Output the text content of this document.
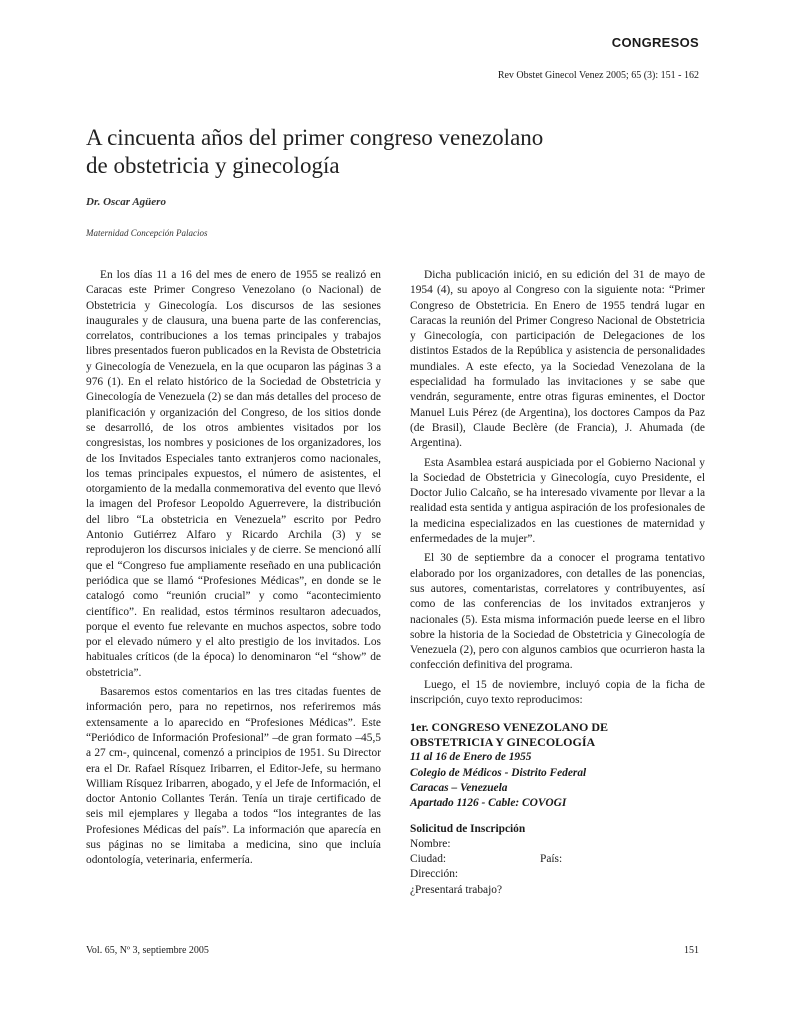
CONGRESOS
Rev Obstet Ginecol Venez 2005; 65 (3): 151 - 162
A cincuenta años del primer congreso venezolano
de obstetricia y ginecología
Dr. Oscar Agüero
Maternidad Concepción Palacios

En los días 11 a 16 del mes de enero de 1955 se realizó en Caracas este Primer Congreso Venezolano (o Nacional) de Obstetricia y Ginecología. Los discursos de las sesiones inaugurales y de clausura, una buena parte de las conferencias, correlatos, contribuciones a los temas principales y trabajos libres presentados fueron publicados en la Revista de Obstetricia y Ginecología de Venezuela, en la que ocuparon las páginas 3 a 976 (1). En el relato histórico de la Sociedad de Obstetricia y Ginecología de Venezuela (2) se dan más detalles del proceso de planificación y organización del Congreso, de los sitios donde se desarrolló, de los otros ambientes visitados por los congresistas, los nombres y posiciones de los organizadores, los de los Invitados Especiales tanto extranjeros como nacionales, los temas principales expuestos, el número de asistentes, el otorgamiento de la medalla conmemorativa del evento que llevó la imagen del Profesor Leopoldo Aguerrevere, la distribución del libro “La obstetricia en Venezuela” escrito por Pedro Antonio Gutiérrez Alfaro y Ricardo Archila (3) y se reprodujeron los discursos iniciales y de cierre. Se mencionó allí que el “Congreso fue ampliamente reseñado en una publicación periódica que se llamó “Profesiones Médicas”, en donde se le catalogó como “reunión crucial” y como “acontecimiento científico”. En realidad, estos términos resultaron adecuados, porque el evento fue relevante en muchos aspectos, sobre todo por el elevado número y el alto prestigio de los invitados. Los habituales críticos (de la época) lo denominaron “el “show” de obstetricia”.

Basaremos estos comentarios en las tres citadas fuentes de información pero, para no repetirnos, nos referiremos más extensamente a lo aparecido en “Profesiones Médicas”. Este “Periódico de Información Profesional” –de gran formato –45,5 a 27 cm-, quincenal, comenzó a principios de 1951. Su Director era el Dr. Rafael Rísquez Iribarren, el Editor-Jefe, su hermano William Rísquez Iribarren, abogado, y el Jefe de Información, el doctor Antonio Collantes Terán. Tenía un tiraje certificado de seis mil ejemplares y llegaba a todos “los integrantes de las Profesiones Médicas del país”. La información que aparecía en sus páginas no se limitaba a medicina, sino que incluía odontología, veterinaria, enfermería.

Dicha publicación inició, en su edición del 31 de mayo de 1954 (4), su apoyo al Congreso con la siguiente nota: “Primer Congreso de Obstetricia. En Enero de 1955 tendrá lugar en Caracas la reunión del Primer Congreso Nacional de Obstetricia y Ginecología, con participación de Delegaciones de los distintos Estados de la República y asistencia de personalidades mundiales. A este efecto, ya la Sociedad Venezolana de la especialidad ha formulado las invitaciones y se sabe que vendrán, seguramente, entre otras figuras eminentes, el Doctor Manuel Luis Pérez (de Argentina), los doctores Campos da Paz (de Brasil), Claude Beclère (de Francia), J. Ahumada (de Argentina).

Esta Asamblea estará auspiciada por el Gobierno Nacional y la Sociedad de Obstetricia y Ginecología, cuyo Presidente, el Doctor Julio Calcaño, se ha interesado vivamente por llevar a la realidad esta sentida y antigua aspiración de los profesionales de la medicina especializados en las cuestiones de maternidad y enfermedades de la mujer”.

El 30 de septiembre da a conocer el programa tentativo elaborado por los organizadores, con detalles de las ponencias, sus autores, comentaristas, correlatores y contribuyentes, así como de las conferencias de los invitados extranjeros y nacionales (5). Esta misma información puede leerse en el libro sobre la historia de la Sociedad de Obstetricia y Ginecología de Venezuela (2), pero con algunos cambios que ocurrieron hasta la confección definitiva del programa.

Luego, el 15 de noviembre, incluyó copia de la ficha de inscripción, cuyo texto reproducimos:

1er. CONGRESO VENEZOLANO DE
OBSTETRICIA Y GINECOLOGÍA
11 al 16 de Enero de 1955
Colegio de Médicos - Distrito Federal
Caracas – Venezuela
Apartado 1126 - Cable: COVOGI
Solicitud de Inscripción
Nombre:
Ciudad:	País:
Dirección:
¿Presentará trabajo?
Vol. 65, Nº 3, septiembre 2005	151
